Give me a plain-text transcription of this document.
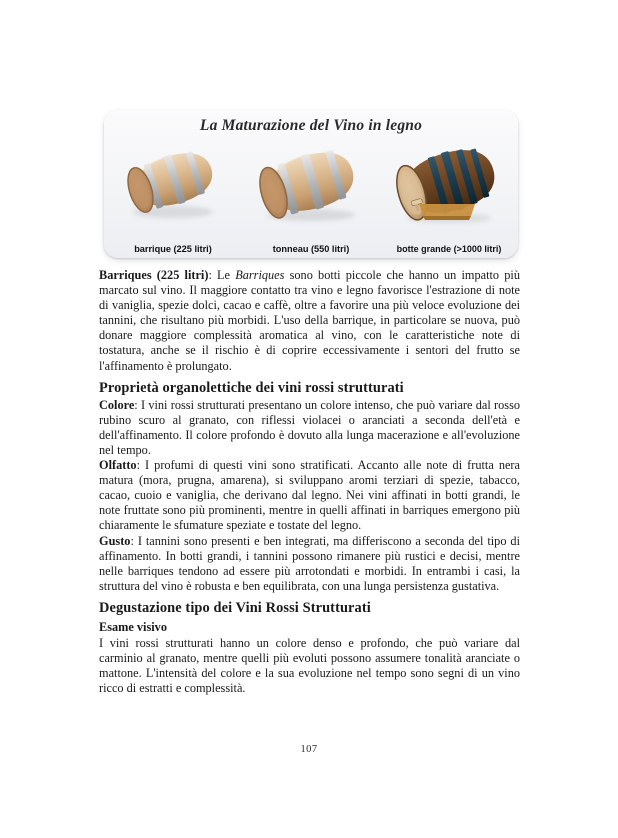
La Maturazione del Vino in legno
barrique (225 litri)	tonneau (550 litri)	botte grande (>1000 litri)

Barriques (225 litri): Le Barriques sono botti piccole che hanno un impatto più marcato sul vino. Il maggiore contatto tra vino e legno favorisce l'estrazione di note di vaniglia, spezie dolci, cacao e caffè, oltre a favorire una più veloce evoluzione dei tannini, che risultano più morbidi. L'uso della barrique, in particolare se nuova, può donare maggiore complessità aromatica al vino, con le caratteristiche note di tostatura, anche se il rischio è di coprire eccessivamente i sentori del frutto se l'affinamento è prolungato.

Proprietà organolettiche dei vini rossi strutturati

Colore: I vini rossi strutturati presentano un colore intenso, che può variare dal rosso rubino scuro al granato, con riflessi violacei o aranciati a seconda dell'età e dell'affinamento. Il colore profondo è dovuto alla lunga macerazione e all'evoluzione nel tempo.

Olfatto: I profumi di questi vini sono stratificati. Accanto alle note di frutta nera matura (mora, prugna, amarena), si sviluppano aromi terziari di spezie, tabacco, cacao, cuoio e vaniglia, che derivano dal legno. Nei vini affinati in botti grandi, le note fruttate sono più prominenti, mentre in quelli affinati in barriques emergono più chiaramente le sfumature speziate e tostate del legno.

Gusto: I tannini sono presenti e ben integrati, ma differiscono a seconda del tipo di affinamento. In botti grandi, i tannini possono rimanere più rustici e decisi, mentre nelle barriques tendono ad essere più arrotondati e morbidi. In entrambi i casi, la struttura del vino è robusta e ben equilibrata, con una lunga persistenza gustativa.

Degustazione tipo dei Vini Rossi Strutturati
Esame visivo

I vini rossi strutturati hanno un colore denso e profondo, che può variare dal carminio al granato, mentre quelli più evoluti possono assumere tonalità aranciate o mattone. L'intensità del colore e la sua evoluzione nel tempo sono segni di un vino ricco di estratti e complessità.

107
